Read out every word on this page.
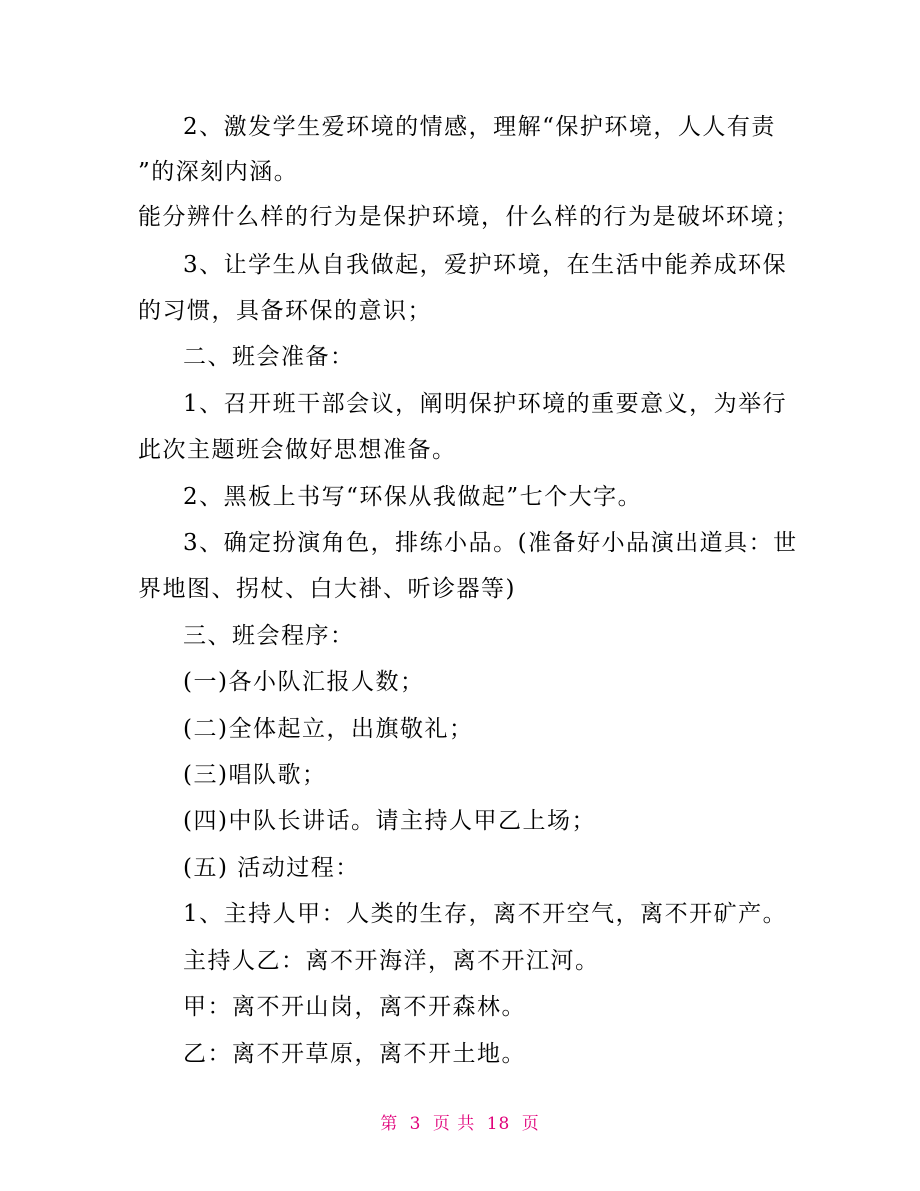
2、激发学生爱环境的情感，理解“保护环境，人人有责
”的深刻内涵。
能分辨什么样的行为是保护环境，什么样的行为是破坏环境；
3、让学生从自我做起，爱护环境，在生活中能养成环保
的习惯，具备环保的意识；
二、班会准备：
1、召开班干部会议，阐明保护环境的重要意义，为举行
此次主题班会做好思想准备。
2、黑板上书写“环保从我做起”七个大字。
3、确定扮演角色，排练小品。(准备好小品演出道具：世
界地图、拐杖、白大褂、听诊器等)
三、班会程序：
(一)各小队汇报人数；
(二)全体起立，出旗敬礼；
(三)唱队歌；
(四)中队长讲话。请主持人甲乙上场；
(五) 活动过程：
1、主持人甲：人类的生存，离不开空气，离不开矿产。
主持人乙：离不开海洋，离不开江河。
甲：离不开山岗，离不开森林。
乙：离不开草原，离不开土地。
第 3 页 共 18 页
